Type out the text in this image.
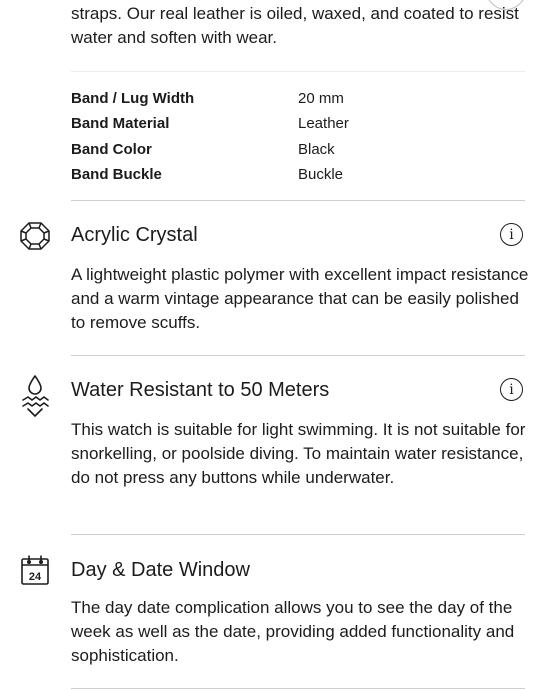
straps. Our real leather is oiled, waxed, and coated to resist water and soften with wear.

Band / Lug Width	20 mm
Band Material	Leather
Band Color	Black
Band Buckle	Buckle
Acrylic Crystal	i

A lightweight plastic polymer with excellent impact resistance and a warm vintage appearance that can be easily polished to remove scuffs.

Water Resistant to 50 Meters	i

This watch is suitable for light swimming. It is not suitable for snorkelling, or poolside diving. To maintain water resistance, do not press any buttons while underwater.

24 Day & Date Window

The day date complication allows you to see the day of the week as well as the date, providing added functionality and sophistication.
